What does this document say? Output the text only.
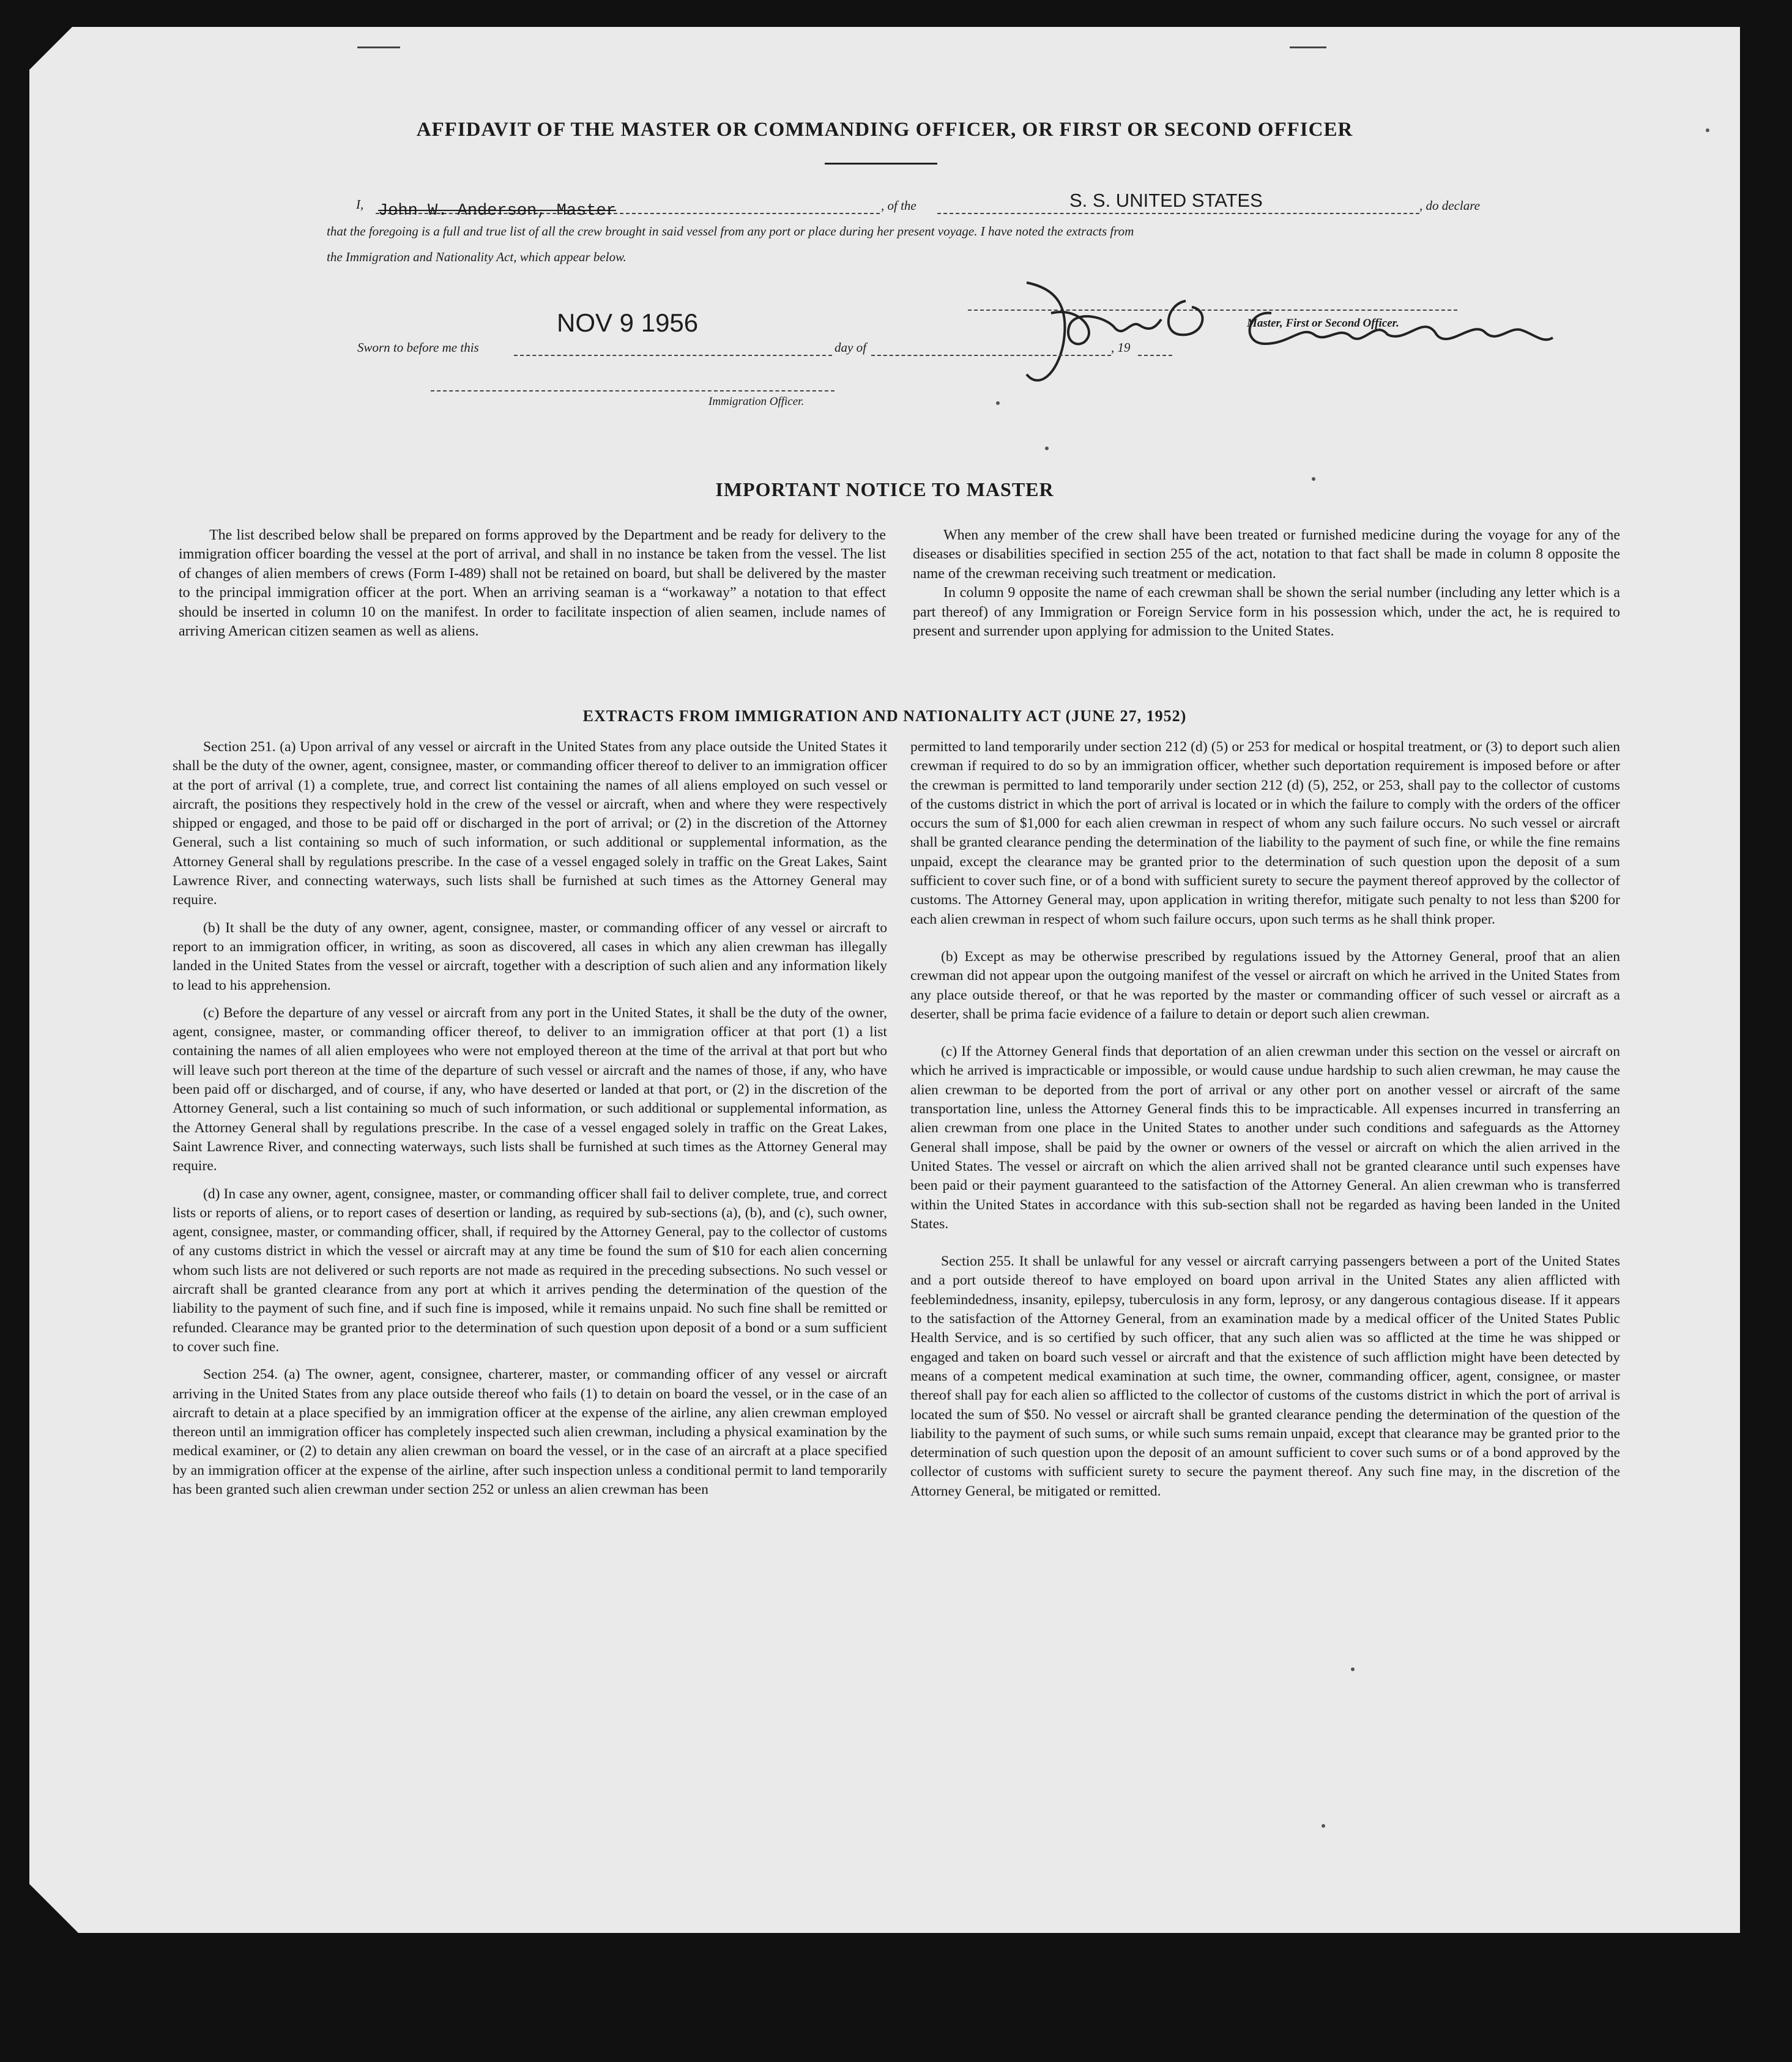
AFFIDAVIT OF THE MASTER OR COMMANDING OFFICER, OR FIRST OR SECOND OFFICER
I, John W. Anderson, Master	, of the	S. S. UNITED STATES	, do declare
that the foregoing is a full and true list of all the crew brought in said vessel from any port or place during her present voyage. I have noted the extracts from
the Immigration and Nationality Act, which appear below.
Master, First or Second Officer.
NOV 9 1956
Sworn to before me this	day of	, 19
Immigration Officer.
IMPORTANT NOTICE TO MASTER

The list described below shall be prepared on forms approved by the Department and be ready for delivery to the immigration officer boarding the vessel at the port of arrival, and shall in no instance be taken from the vessel. The list of changes of alien members of crews (Form I-489) shall not be retained on board, but shall be delivered by the master to the principal immigration officer at the port. When an arriving seaman is a “workaway” a notation to that effect should be inserted in column 10 on the manifest. In order to facilitate inspection of alien seamen, include names of arriving American citizen seamen as well as aliens.

When any member of the crew shall have been treated or furnished medicine during the voyage for any of the diseases or disabilities specified in section 255 of the act, notation to that fact shall be made in column 8 opposite the name of the crewman receiving such treatment or medication.

In column 9 opposite the name of each crewman shall be shown the serial number (including any letter which is a part thereof) of any Immigration or Foreign Service form in his possession which, under the act, he is required to present and surrender upon applying for admission to the United States.

EXTRACTS FROM IMMIGRATION AND NATIONALITY ACT (JUNE 27, 1952)

Section 251. (a) Upon arrival of any vessel or aircraft in the United States from any place outside the United States it shall be the duty of the owner, agent, consignee, master, or commanding officer thereof to deliver to an immigration officer at the port of arrival (1) a complete, true, and correct list containing the names of all aliens employed on such vessel or aircraft, the positions they respectively hold in the crew of the vessel or aircraft, when and where they were respectively shipped or engaged, and those to be paid off or discharged in the port of arrival; or (2) in the discretion of the Attorney General, such a list containing so much of such information, or such additional or supplemental information, as the Attorney General shall by regulations prescribe. In the case of a vessel engaged solely in traffic on the Great Lakes, Saint Lawrence River, and connecting waterways, such lists shall be furnished at such times as the Attorney General may require.

(b) It shall be the duty of any owner, agent, consignee, master, or commanding officer of any vessel or aircraft to report to an immigration officer, in writing, as soon as discovered, all cases in which any alien crewman has illegally landed in the United States from the vessel or aircraft, together with a description of such alien and any information likely to lead to his apprehension.

(c) Before the departure of any vessel or aircraft from any port in the United States, it shall be the duty of the owner, agent, consignee, master, or commanding officer thereof, to deliver to an immigration officer at that port (1) a list containing the names of all alien employees who were not employed thereon at the time of the arrival at that port but who will leave such port thereon at the time of the departure of such vessel or aircraft and the names of those, if any, who have been paid off or discharged, and of course, if any, who have deserted or landed at that port, or (2) in the discretion of the Attorney General, such a list containing so much of such information, or such additional or supplemental information, as the Attorney General shall by regulations prescribe. In the case of a vessel engaged solely in traffic on the Great Lakes, Saint Lawrence River, and connecting waterways, such lists shall be furnished at such times as the Attorney General may require.

(d) In case any owner, agent, consignee, master, or commanding officer shall fail to deliver complete, true, and correct lists or reports of aliens, or to report cases of desertion or landing, as required by sub-sections (a), (b), and (c), such owner, agent, consignee, master, or commanding officer, shall, if required by the Attorney General, pay to the collector of customs of any customs district in which the vessel or aircraft may at any time be found the sum of $10 for each alien concerning whom such lists are not delivered or such reports are not made as required in the preceding subsections. No such vessel or aircraft shall be granted clearance from any port at which it arrives pending the determination of the question of the liability to the payment of such fine, and if such fine is imposed, while it remains unpaid. No such fine shall be remitted or refunded. Clearance may be granted prior to the determination of such question upon deposit of a bond or a sum sufficient to cover such fine.

Section 254. (a) The owner, agent, consignee, charterer, master, or commanding officer of any vessel or aircraft arriving in the United States from any place outside thereof who fails (1) to detain on board the vessel, or in the case of an aircraft to detain at a place specified by an immigration officer at the expense of the airline, any alien crewman employed thereon until an immigration officer has completely inspected such alien crewman, including a physical examination by the medical examiner, or (2) to detain any alien crewman on board the vessel, or in the case of an aircraft at a place specified by an immigration officer at the expense of the airline, after such inspection unless a conditional permit to land temporarily has been granted such alien crewman under section 252 or unless an alien crewman has been

permitted to land temporarily under section 212 (d) (5) or 253 for medical or hospital treatment, or (3) to deport such alien crewman if required to do so by an immigration officer, whether such deportation requirement is imposed before or after the crewman is permitted to land temporarily under section 212 (d) (5), 252, or 253, shall pay to the collector of customs of the customs district in which the port of arrival is located or in which the failure to comply with the orders of the officer occurs the sum of $1,000 for each alien crewman in respect of whom any such failure occurs. No such vessel or aircraft shall be granted clearance pending the determination of the liability to the payment of such fine, or while the fine remains unpaid, except the clearance may be granted prior to the determination of such question upon the deposit of a sum sufficient to cover such fine, or of a bond with sufficient surety to secure the payment thereof approved by the collector of customs. The Attorney General may, upon application in writing therefor, mitigate such penalty to not less than $200 for each alien crewman in respect of whom such failure occurs, upon such terms as he shall think proper.

(b) Except as may be otherwise prescribed by regulations issued by the Attorney General, proof that an alien crewman did not appear upon the outgoing manifest of the vessel or aircraft on which he arrived in the United States from any place outside thereof, or that he was reported by the master or commanding officer of such vessel or aircraft as a deserter, shall be prima facie evidence of a failure to detain or deport such alien crewman.

(c) If the Attorney General finds that deportation of an alien crewman under this section on the vessel or aircraft on which he arrived is impracticable or impossible, or would cause undue hardship to such alien crewman, he may cause the alien crewman to be deported from the port of arrival or any other port on another vessel or aircraft of the same transportation line, unless the Attorney General finds this to be impracticable. All expenses incurred in transferring an alien crewman from one place in the United States to another under such conditions and safeguards as the Attorney General shall impose, shall be paid by the owner or owners of the vessel or aircraft on which the alien arrived in the United States. The vessel or aircraft on which the alien arrived shall not be granted clearance until such expenses have been paid or their payment guaranteed to the satisfaction of the Attorney General. An alien crewman who is transferred within the United States in accordance with this sub-section shall not be regarded as having been landed in the United States.

Section 255. It shall be unlawful for any vessel or aircraft carrying passengers between a port of the United States and a port outside thereof to have employed on board upon arrival in the United States any alien afflicted with feeblemindedness, insanity, epilepsy, tuberculosis in any form, leprosy, or any dangerous contagious disease. If it appears to the satisfaction of the Attorney General, from an examination made by a medical officer of the United States Public Health Service, and is so certified by such officer, that any such alien was so afflicted at the time he was shipped or engaged and taken on board such vessel or aircraft and that the existence of such affliction might have been detected by means of a competent medical examination at such time, the owner, commanding officer, agent, consignee, or master thereof shall pay for each alien so afflicted to the collector of customs of the customs district in which the port of arrival is located the sum of $50. No vessel or aircraft shall be granted clearance pending the determination of the question of the liability to the payment of such sums, or while such sums remain unpaid, except that clearance may be granted prior to the determination of such question upon the deposit of an amount sufficient to cover such sums or of a bond approved by the collector of customs with sufficient surety to secure the payment thereof. Any such fine may, in the discretion of the Attorney General, be mitigated or remitted.
